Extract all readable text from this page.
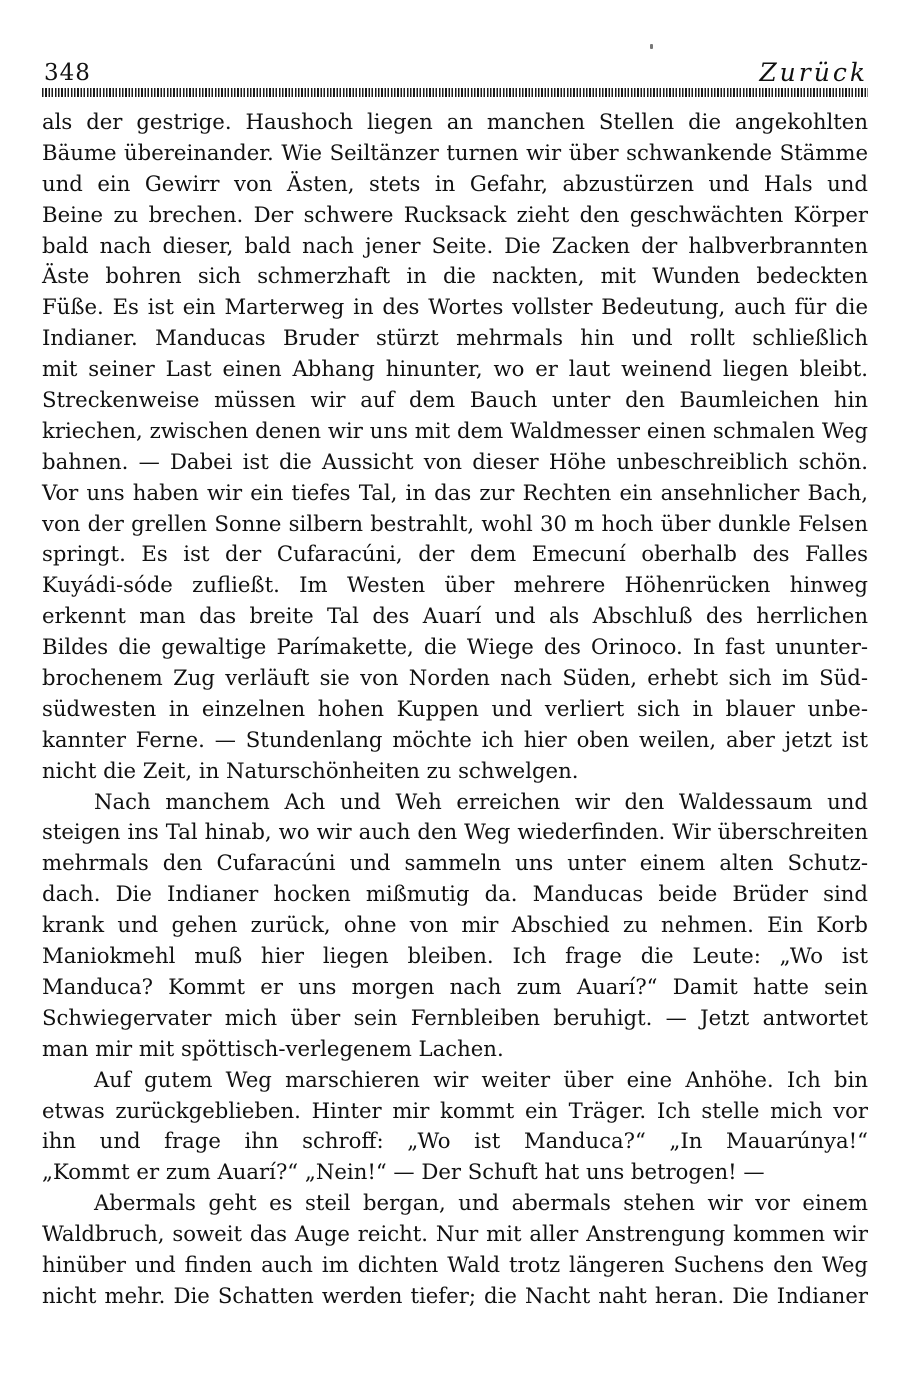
348	Zurück
als der gestrige. Haushoch liegen an manchen Stellen die angekohlten
Bäume übereinander. Wie Seiltänzer turnen wir über schwankende Stämme
und ein Gewirr von Ästen, stets in Gefahr, abzustürzen und Hals und
Beine zu brechen. Der schwere Rucksack zieht den geschwächten Körper
bald nach dieser, bald nach jener Seite. Die Zacken der halbverbrannten
Äste bohren sich schmerzhaft in die nackten, mit Wunden bedeckten
Füße. Es ist ein Marterweg in des Wortes vollster Bedeutung, auch für die
Indianer. Manducas Bruder stürzt mehrmals hin und rollt schließlich
mit seiner Last einen Abhang hinunter, wo er laut weinend liegen bleibt.
Streckenweise müssen wir auf dem Bauch unter den Baumleichen hin
kriechen, zwischen denen wir uns mit dem Waldmesser einen schmalen Weg
bahnen. — Dabei ist die Aussicht von dieser Höhe unbeschreiblich schön.
Vor uns haben wir ein tiefes Tal, in das zur Rechten ein ansehnlicher Bach,
von der grellen Sonne silbern bestrahlt, wohl 30 m hoch über dunkle Felsen
springt. Es ist der Cufaracúni, der dem Emecuní oberhalb des Falles
Kuyádi-sóde zufließt. Im Westen über mehrere Höhenrücken hinweg
erkennt man das breite Tal des Auarí und als Abschluß des herrlichen
Bildes die gewaltige Parímakette, die Wiege des Orinoco. In fast ununter-
brochenem Zug verläuft sie von Norden nach Süden, erhebt sich im Süd-
südwesten in einzelnen hohen Kuppen und verliert sich in blauer unbe-
kannter Ferne. — Stundenlang möchte ich hier oben weilen, aber jetzt ist
nicht die Zeit, in Naturschönheiten zu schwelgen.
Nach manchem Ach und Weh erreichen wir den Waldessaum und
steigen ins Tal hinab, wo wir auch den Weg wiederfinden. Wir überschreiten
mehrmals den Cufaracúni und sammeln uns unter einem alten Schutz-
dach. Die Indianer hocken mißmutig da. Manducas beide Brüder sind
krank und gehen zurück, ohne von mir Abschied zu nehmen. Ein Korb
Maniokmehl muß hier liegen bleiben. Ich frage die Leute: „Wo ist
Manduca? Kommt er uns morgen nach zum Auarí?“ Damit hatte sein
Schwiegervater mich über sein Fernbleiben beruhigt. — Jetzt antwortet
man mir mit spöttisch-verlegenem Lachen.
Auf gutem Weg marschieren wir weiter über eine Anhöhe. Ich bin
etwas zurückgeblieben. Hinter mir kommt ein Träger. Ich stelle mich vor
ihn und frage ihn schroff: „Wo ist Manduca?“ „In Mauarúnya!“
„Kommt er zum Auarí?“ „Nein!“ — Der Schuft hat uns betrogen! —
Abermals geht es steil bergan, und abermals stehen wir vor einem
Waldbruch, soweit das Auge reicht. Nur mit aller Anstrengung kommen wir
hinüber und finden auch im dichten Wald trotz längeren Suchens den Weg
nicht mehr. Die Schatten werden tiefer; die Nacht naht heran. Die Indianer
